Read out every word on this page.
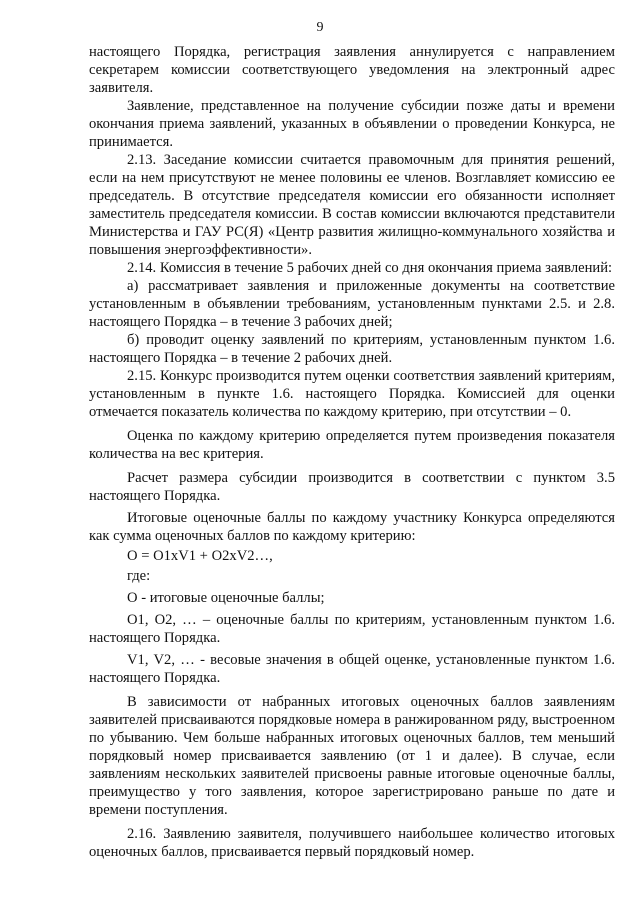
9

настоящего Порядка, регистрация заявления аннулируется с направлением секретарем комиссии соответствующего уведомления на электронный адрес заявителя.

Заявление, представленное на получение субсидии позже даты и времени окончания приема заявлений, указанных в объявлении о проведении Конкурса, не принимается.

2.13. Заседание комиссии считается правомочным для принятия решений, если на нем присутствуют не менее половины ее членов. Возглавляет комиссию ее председатель. В отсутствие председателя комиссии его обязанности исполняет заместитель председателя комиссии. В состав комиссии включаются представители Министерства и ГАУ РС(Я) «Центр развития жилищно-коммунального хозяйства и повышения энергоэффективности».

2.14. Комиссия в течение 5 рабочих дней со дня окончания приема заявлений:

а) рассматривает заявления и приложенные документы на соответствие установленным в объявлении требованиям, установленным пунктами 2.5. и 2.8. настоящего Порядка – в течение 3 рабочих дней;

б) проводит оценку заявлений по критериям, установленным пунктом 1.6. настоящего Порядка – в течение 2 рабочих дней.

2.15. Конкурс производится путем оценки соответствия заявлений критериям, установленным в пункте 1.6. настоящего Порядка. Комиссией для оценки отмечается показатель количества по каждому критерию, при отсутствии – 0.

Оценка по каждому критерию определяется путем произведения показателя количества на вес критерия.

Расчет размера субсидии производится в соответствии с пунктом 3.5 настоящего Порядка.

Итоговые оценочные баллы по каждому участнику Конкурса определяются как сумма оценочных баллов по каждому критерию:

О = О1хV1 + О2хV2…,

где:

О - итоговые оценочные баллы;

О1, О2, … – оценочные баллы по критериям, установленным пунктом 1.6. настоящего Порядка.

V1, V2, … - весовые значения в общей оценке, установленные пунктом 1.6. настоящего Порядка.

В зависимости от набранных итоговых оценочных баллов заявлениям заявителей присваиваются порядковые номера в ранжированном ряду, выстроенном по убыванию. Чем больше набранных итоговых оценочных баллов, тем меньший порядковый номер присваивается заявлению (от 1 и далее). В случае, если заявлениям нескольких заявителей присвоены равные итоговые оценочные баллы, преимущество у того заявления, которое зарегистрировано раньше по дате и времени поступления.

2.16. Заявлению заявителя, получившего наибольшее количество итоговых оценочных баллов, присваивается первый порядковый номер.
